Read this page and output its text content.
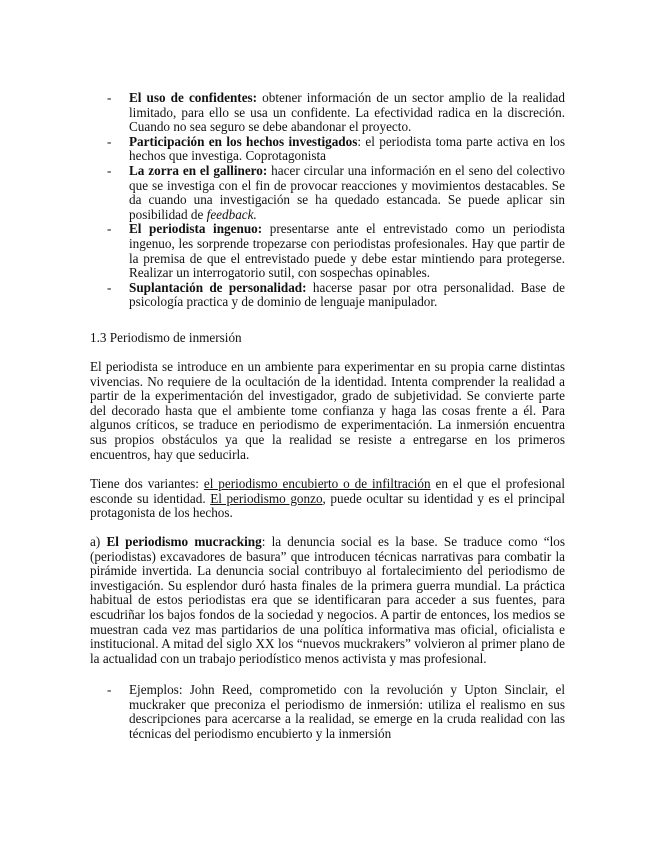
- El uso de confidentes: obtener información de un sector amplio de la realidad limitado, para ello se usa un confidente. La efectividad radica en la discreción. Cuando no sea seguro se debe abandonar el proyecto.
- Participación en los hechos investigados: el periodista toma parte activa en los hechos que investiga. Coprotagonista
- La zorra en el gallinero: hacer circular una información en el seno del colectivo que se investiga con el fin de provocar reacciones y movimientos destacables. Se da cuando una investigación se ha quedado estancada. Se puede aplicar sin posibilidad de feedback.
- El periodista ingenuo: presentarse ante el entrevistado como un periodista ingenuo, les sorprende tropezarse con periodistas profesionales. Hay que partir de la premisa de que el entrevistado puede y debe estar mintiendo para protegerse. Realizar un interrogatorio sutil, con sospechas opinables.
- Suplantación de personalidad: hacerse pasar por otra personalidad. Base de psicología practica y de dominio de lenguaje manipulador.

1.3 Periodismo de inmersión

El periodista se introduce en un ambiente para experimentar en su propia carne distintas vivencias. No requiere de la ocultación de la identidad. Intenta comprender la realidad a partir de la experimentación del investigador, grado de subjetividad. Se convierte parte del decorado hasta que el ambiente tome confianza y haga las cosas frente a él. Para algunos críticos, se traduce en periodismo de experimentación. La inmersión encuentra sus propios obstáculos ya que la realidad se resiste a entregarse en los primeros encuentros, hay que seducirla.

Tiene dos variantes: el periodismo encubierto o de infiltración en el que el profesional esconde su identidad. El periodismo gonzo, puede ocultar su identidad y es el principal protagonista de los hechos.

a) El periodismo mucracking: la denuncia social es la base. Se traduce como “los (periodistas) excavadores de basura” que introducen técnicas narrativas para combatir la pirámide invertida. La denuncia social contribuyo al fortalecimiento del periodismo de investigación. Su esplendor duró hasta finales de la primera guerra mundial. La práctica habitual de estos periodistas era que se identificaran para acceder a sus fuentes, para escudriñar los bajos fondos de la sociedad y negocios. A partir de entonces, los medios se muestran cada vez mas partidarios de una política informativa mas oficial, oficialista e institucional. A mitad del siglo XX los “nuevos muckrakers” volvieron al primer plano de la actualidad con un trabajo periodístico menos activista y mas profesional.

- Ejemplos: John Reed, comprometido con la revolución y Upton Sinclair, el muckraker que preconiza el periodismo de inmersión: utiliza el realismo en sus descripciones para acercarse a la realidad, se emerge en la cruda realidad con las técnicas del periodismo encubierto y la inmersión
